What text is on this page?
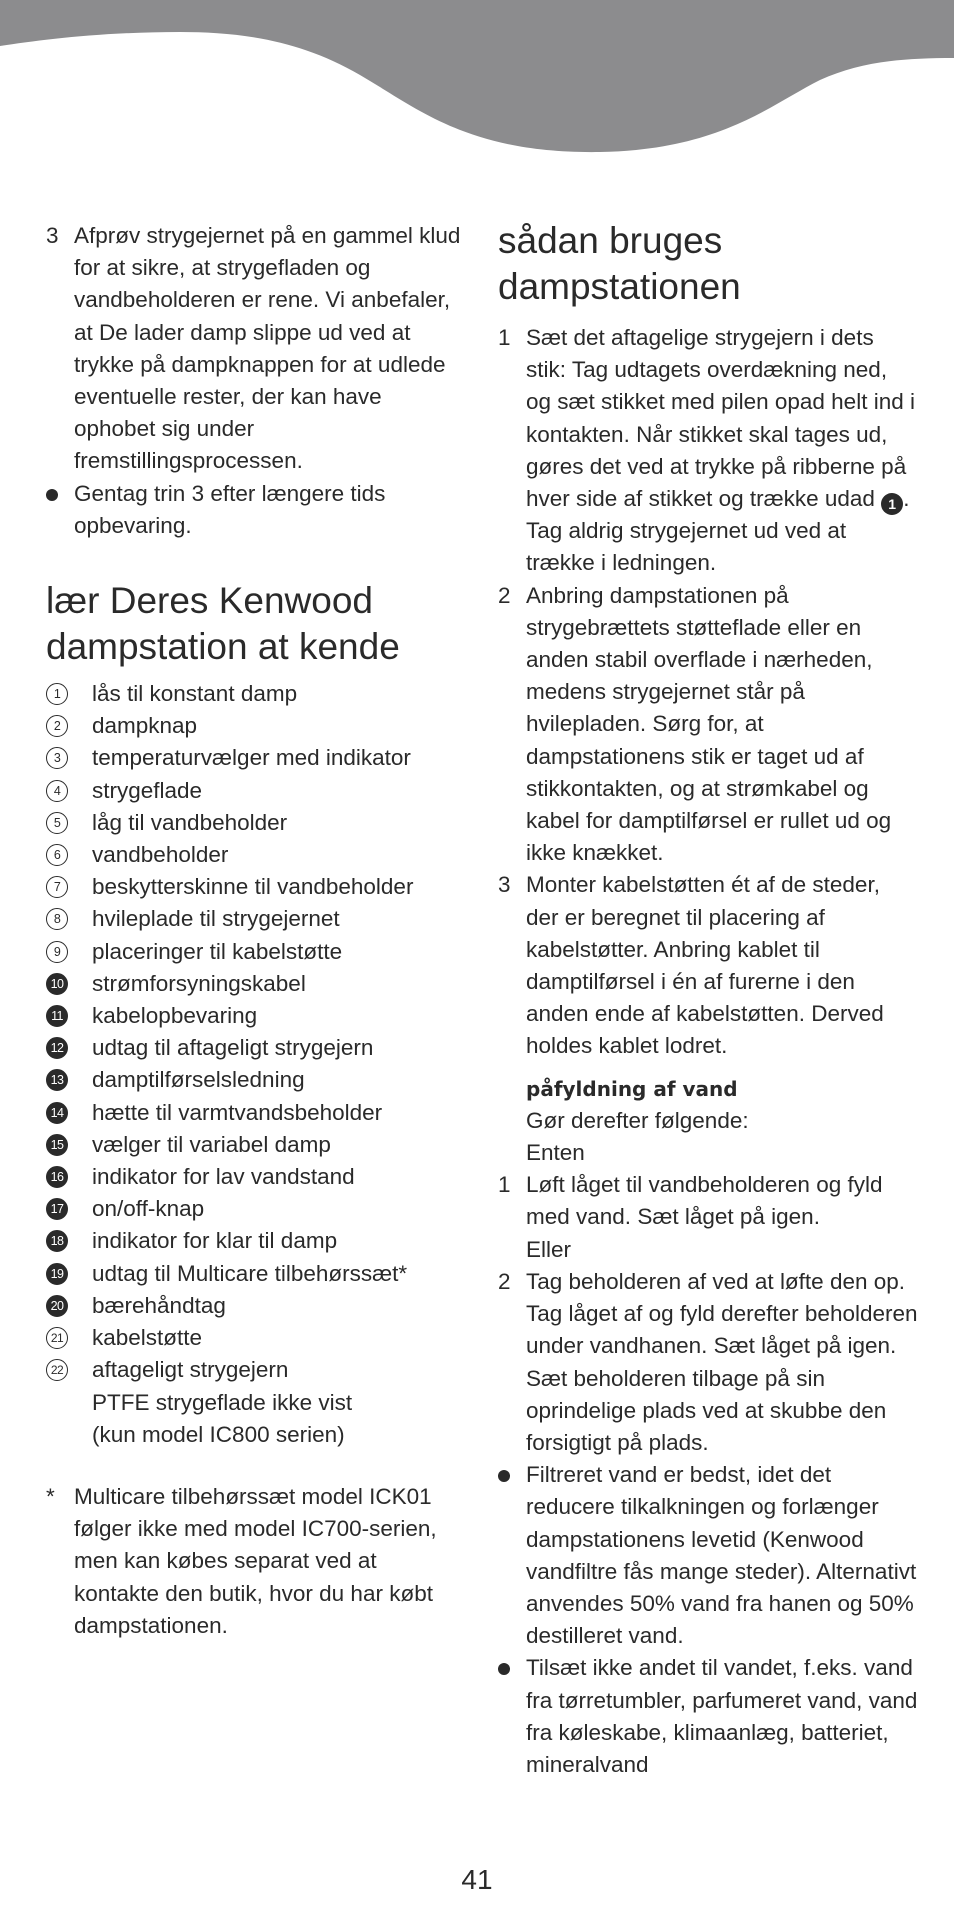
3 Afprøv strygejernet på en gammel klud for at sikre, at strygefladen og vandbeholderen er rene. Vi anbefaler, at De lader damp slippe ud ved at trykke på dampknappen for at udlede eventuelle rester, der kan have ophobet sig under fremstillingsprocessen.
Gentag trin 3 efter længere tids opbevaring.
lær Deres Kenwood dampstation at kende
1	lås til konstant damp
2	dampknap
3	temperaturvælger med indikator
4	strygeflade
5	låg til vandbeholder
6	vandbeholder
7	beskytterskinne til vandbeholder
8	hvileplade til strygejernet
9	placeringer til kabelstøtte
10 strømforsyningskabel
11 kabelopbevaring
12 udtag til aftageligt strygejern
13 damptilførselsledning
14 hætte til varmtvandsbeholder
15 vælger til variabel damp
16 indikator for lav vandstand
17 on/off-knap
18 indikator for klar til damp
19 udtag til Multicare tilbehørssæt*
20 bærehåndtag
21 kabelstøtte
22 aftageligt strygejern
PTFE strygeflade ikke vist
(kun model IC800 serien)
* Multicare tilbehørssæt model ICK01 følger ikke med model IC700-serien, men kan købes separat ved at kontakte den butik, hvor du har købt dampstationen.
sådan bruges dampstationen
1 Sæt det aftagelige strygejern i dets stik: Tag udtagets overdækning ned, og sæt stikket med pilen opad helt ind i kontakten. Når stikket skal tages ud, gøres det ved at trykke på ribberne på hver side af stikket og trække udad 1 . Tag aldrig strygejernet ud ved at trække i ledningen.
2 Anbring dampstationen på strygebrættets støtteflade eller en anden stabil overflade i nærheden, medens strygejernet står på hvilepladen. Sørg for, at dampstationens stik er taget ud af stikkontakten, og at strømkabel og kabel for damptilførsel er rullet ud og ikke knækket.
3 Monter kabelstøtten ét af de steder, der er beregnet til placering af kabelstøtter. Anbring kablet til damptilførsel i én af furerne i den anden ende af kabelstøtten. Derved holdes kablet lodret.
påfyldning af vand
Gør derefter følgende:
Enten
1 Løft låget til vandbeholderen og fyld med vand. Sæt låget på igen.
Eller
2 Tag beholderen af ved at løfte den op. Tag låget af og fyld derefter beholderen under vandhanen. Sæt låget på igen. Sæt beholderen tilbage på sin oprindelige plads ved at skubbe den forsigtigt på plads.
Filtreret vand er bedst, idet det reducere tilkalkningen og forlænger dampstationens levetid (Kenwood vandfiltre fås mange steder). Alternativt anvendes 50% vand fra hanen og 50% destilleret vand.
Tilsæt ikke andet til vandet, f.eks. vand fra tørretumbler, parfumeret vand, vand fra køleskabe, klimaanlæg, batteriet, mineralvand
41
